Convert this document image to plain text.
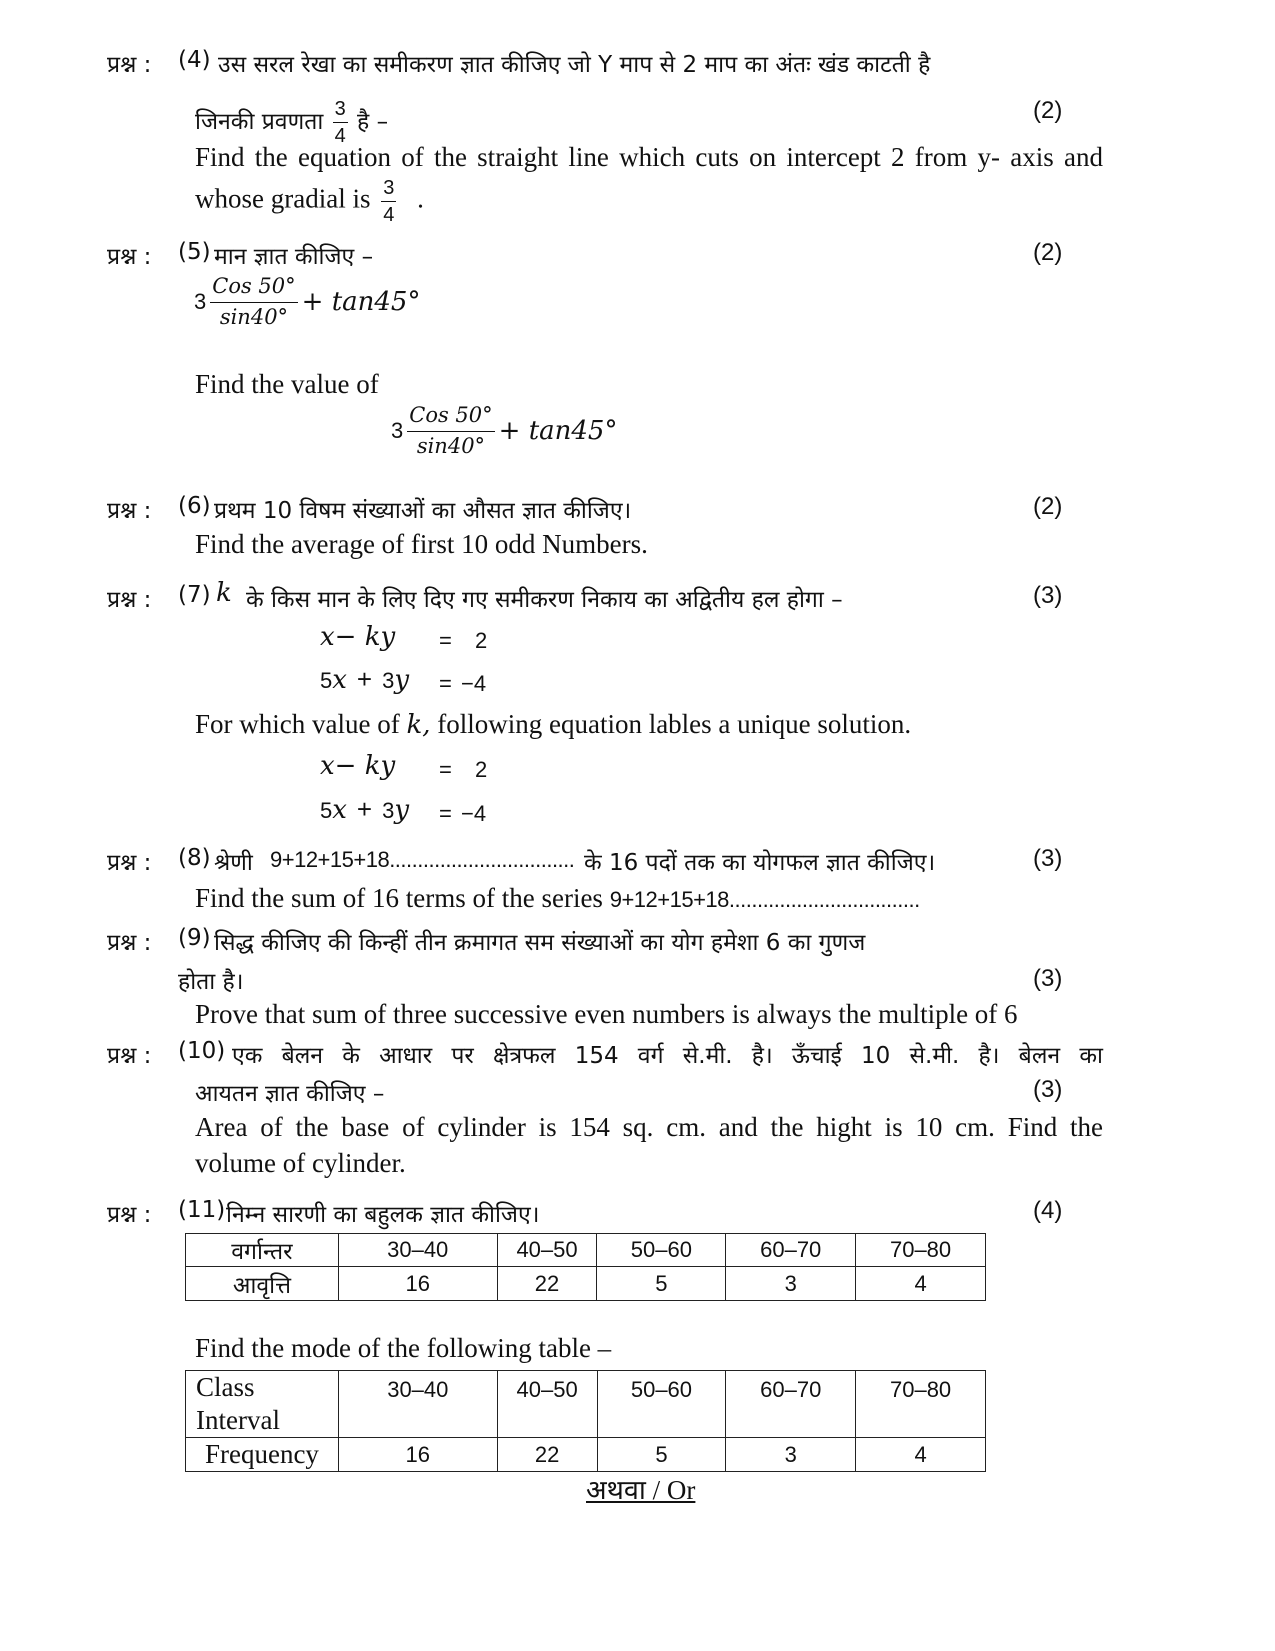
प्रश्न : (4) उस सरल रेखा का समीकरण ज्ञात कीजिए जो Y माप से 2 माप का अंतः खंड काटती है
जिनकी प्रवणता $\frac{3}{4}$ है –	(2)
Find the equation of the straight line which cuts on intercept 2 from y- axis and
whose gradial is $\frac{3}{4}$ .
प्रश्न : (5) मान ज्ञात कीजिए –	(2)
$3 \frac{\text{Cos 50°}}{\sin 40^\circ} + \tan 45^\circ$
Find the value of
$3 \frac{\text{Cos 50°}}{\sin 40^\circ} + \tan 45^\circ$
प्रश्न : (6) प्रथम 10 विषम संख्याओं का औसत ज्ञात कीजिए।	(2)
Find the average of first 10 odd Numbers.
प्रश्न : (7) k के किस मान के लिए दिए गए समीकरण निकाय का अद्वितीय हल होगा –	(3)
x− ky = 2
5x + 3y = −4
For which value of k, following equation lables a unique solution.
x− ky = 2
5x + 3y = −4
प्रश्न : (8) श्रेणी 9+12+15+18................................. के 16 पदों तक का योगफल ज्ञात कीजिए।	(3)
Find the sum of 16 terms of the series 9+12+15+18..................................
प्रश्न : (9) सिद्ध कीजिए की किन्हीं तीन क्रमागत सम संख्याओं का योग हमेशा 6 का गुणज
होता है।	(3)
Prove that sum of three successive even numbers is always the multiple of 6
प्रश्न : (10) एक बेलन के आधार पर क्षेत्रफल 154 वर्ग से.मी. है। ऊँचाई 10 से.मी. है। बेलन का
आयतन ज्ञात कीजिए –	(3)
Area of the base of cylinder is 154 sq. cm. and the hight is 10 cm. Find the
volume of cylinder.
प्रश्न : (11) निम्न सारणी का बहुलक ज्ञात कीजिए।	(4)
वर्गान्तर	30–40	40–50	50–60	60–70	70–80
आवृत्ति	16	22	5	3	4
Find the mode of the following table –
Class
Interval	30–40	40–50	50–60	60–70	70–80
Frequency	16	22	5	3	4
अथवा / Or
